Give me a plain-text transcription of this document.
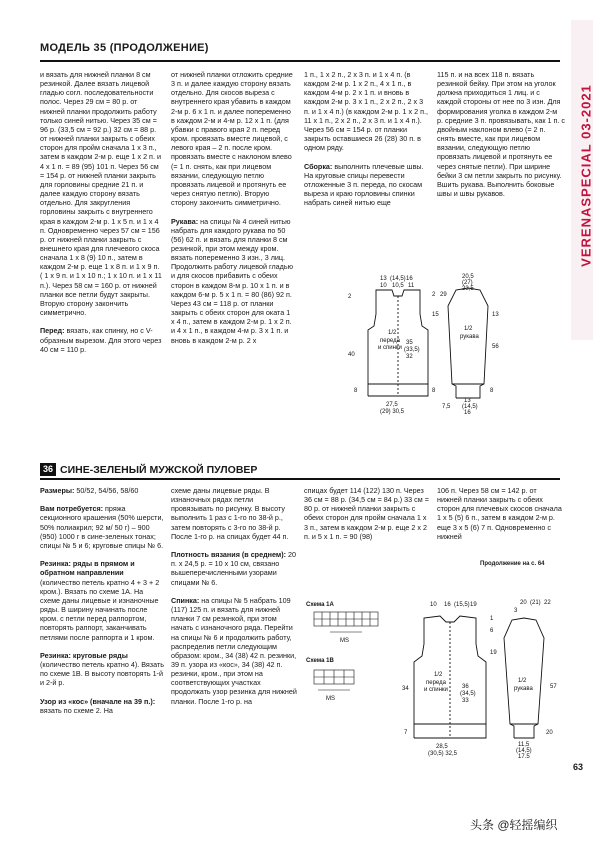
МОДЕЛЬ 35 (ПРОДОЛЖЕНИЕ)
VERENASPECIAL 03-2021
и вязать для нижней планки 8 см резинкой. Далее вязать лицевой гладью согл. последовательности полос. Через 29 см = 80 р. от нижней планки продолжить работу только синей нитью. Через 35 см = 96 р. (33,5 см = 92 р.) 32 см = 88 р. от нижней планки закрыть с обеих сторон для пройм сначала 1 х 3 п., затем в каждом 2-м р. еще 1 х 2 п. и 4 х 1 п. = 89 (95) 101 п. Через 56 см = 154 р. от нижней планки закрыть для горловины средние 21 п. и далее каждую сторону вязать отдельно. Для закругления горловины закрыть с внутреннего края в каждом 2-м р. 1 х 5 п. и 1 х 4 п. Одновременно через 57 см = 156 р. от нижней планки закрыть с внешнего края для плечевого скоса сначала 1 х 8 (9) 10 п., затем в каждом 2-м р. еще 1 х 8 п. и 1 х 9 п. ( 1 х 9 п. и 1 х 10 п.; 1 х 10 п. и 1 х 11 п.). Через 58 см = 160 р. от нижней планки все петли будут закрыты. Вторую сторону закончить симметрично.

Перед: вязать, как спинку, но с V-образным вырезом. Для этого через 40 см = 110 р.
от нижней планки отложить средние 3 п. и далее каждую сторону вязать отдельно. Для скосов выреза с внутреннего края убавить в каждом 2-м р. 6 х 1 п. и далее попеременно в каждом 2-м и 4-м р. 12 х 1 п. (для убавки с правого края 2 п. перед кром. провязать вместе лицевой, с левого края – 2 п. после кром. провязать вместе с наклоном влево (= 1 п. снять, как при лицевом вязании, следующую петлю провязать лицевой и протянуть ее через снятую петлю). Вторую сторону закончить симметрично.

Рукава: на спицы № 4 синей нитью набрать для каждого рукава по 50 (56) 62 п. и вязать для планки 8 см резинкой, при этом между кром. вязать попеременно 3 изн., 3 лиц. Продолжить работу лицевой гладью и для скосов прибавить с обеих сторон в каждом 8-м р. 10 х 1 п. и в каждом 6-м р. 5 х 1 п. = 80 (86) 92 п. Через 43 см = 118 р. от планки закрыть с обеих сторон для оката 1 х 4 п., затем в каждом 2-м р. 1 х 2 п. и 4 х 1 п., в каждом 4-м р. 3 х 1 п. и вновь в каждом 2-м р. 2 х
1 п., 1 х 2 п., 2 х 3 п. и 1 х 4 п. (в каждом 2-м р. 1 х 2 п., 4 х 1 п., в каждом 4-м р. 2 х 1 п. и вновь в каждом 2-м р. 3 х 1 п., 2 х 2 п., 2 х 3 п. и 1 х 4 п.) (в каждом 2-м р. 1 х 2 п., 11 х 1 п., 2 х 2 п., 2 х 3 п. и 1 х 4 п.). Через 56 см = 154 р. от планки закрыть оставшиеся 26 (28) 30 п. в одном ряду.

Сборка: выполнить плечевые швы. На круговые спицы перевести отложенные 3 п. переда, по скосам выреза и краю горловины спинки набрать синей нитью еще
115 п. и на всех 118 п. вязать резинкой бейку. При этом на уголок должна приходиться 1 лиц. и с каждой стороны от нее по 3 изн. Для формирования уголка в каждом 2-м р. средние 3 п. провязывать, как 1 п. с двойным наклоном влево (= 2 п. снять вместе, как при лицевом вязании, следующую петлю провязать лицевой и протянуть ее через снятые петли). При ширине бейки 3 см петли закрыть по рисунку. Вшить рукава. Выполнить боковые швы и швы рукавов.
13 (14,5) 16
10 10,5 11
2
15
8
2
40
8
35
(33,5)
32
1/2
переда
и спинки
27,5
(29) 30,5
20,5
(27)
23,5
29
56
13
8
1/2
рукава
7,5
13
(14,5)
16
36 СИНЕ-ЗЕЛЕНЫЙ МУЖСКОЙ ПУЛОВЕР
Размеры: 50/52, 54/56, 58/60

Вам потребуется: пряжа секционного крашения (50% шерсти, 50% полиакрил; 92 м/ 50 г) – 900 (950) 1000 г в сине-зеленых тонах; спицы № 5 и 6; круговые спицы № 6.

Резинка: ряды в прямом и обратном направлении (количество петель кратно 4 + 3 + 2 кром.). Вязать по схеме 1А. На схеме даны лицевые и изнаночные ряды. В ширину начинать после кром. с петли перед раппортом, повторять раппорт, заканчивать петлями после раппорта и 1 кром.

Резинка: круговые ряды (количество петель кратно 4). Вязать по схеме 1В. В высоту повторять 1-й и 2-й р.

Узор из «кос» (вначале на 39 п.): вязать по схеме 2. На
схеме даны лицевые ряды. В изнаночных рядах петли провязывать по рисунку. В высоту выполнить 1 раз с 1-го по 38-й р., затем повторять с 3-го по 38-й р. После 1-го р. на спицах будет 44 п.

Плотность вязания (в среднем): 20 п. x 24,5 р. = 10 x 10 см, связано вышеперечисленными узорами спицами № 6.

Спинка: на спицы № 5 набрать 109 (117) 125 п. и вязать для нижней планки 7 см резинкой, при этом начать с изнаночного ряда. Перейти на спицы № 6 и продолжить работу, распределив петли следующим образом: кром., 34 (38) 42 п. резинки, 39 п. узора из «кос», 34 (38) 42 п. резинки, кром., при этом на соответствующих участках продолжать узор резинка для нижней планки. После 1-го р. на
спицах будет 114 (122) 130 п. Через 36 см = 88 р. (34,5 см = 84 р.) 33 см = 80 р. от нижней планки закрыть с обеих сторон для пройм сначала 1 х 3 п., затем в каждом 2-м р. еще 2 х 2 п. и 5 х 1 п. = 90 (98)
106 п. Через 58 см = 142 р. от нижней планки закрыть с обеих сторон для плечевых скосов сначала 1 х 5 (5) 6 п., затем в каждом 2-м р. еще 3 х 5 (6) 7 п. Одновременно с нижней
Продолжение на с. 64
Схема 1А
Схема 1В
MS
MS
10 16 (15,5) 19	20 (21) 22
1
6
19
34
7
36
(34,5)
33
1/2
переда
и спинки
28,5
(30,5) 32,5
3
1/2
рукава	57
20
11,5
(14,5)
17,5
63
头条 @轻摇编织
